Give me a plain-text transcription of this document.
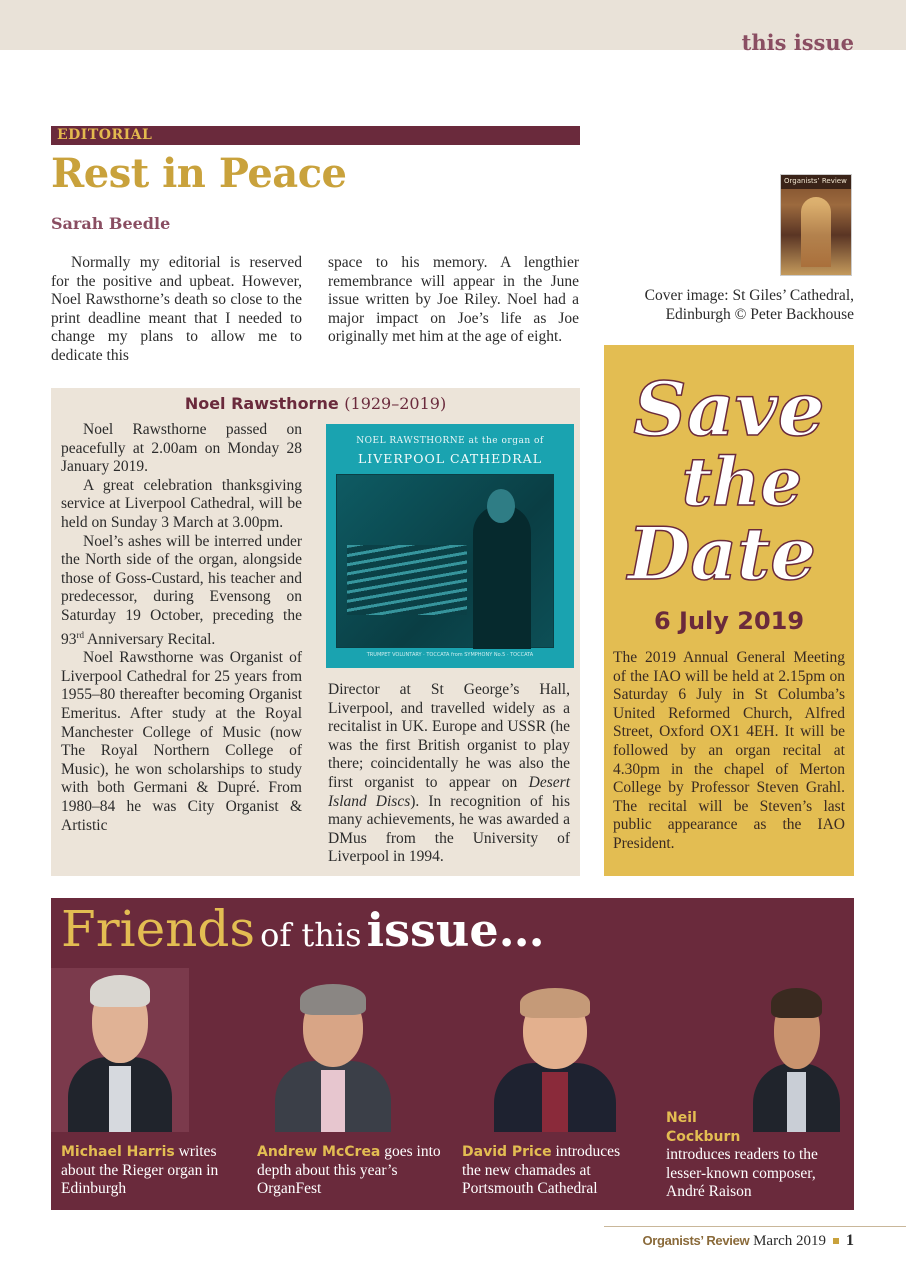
this issue
EDITORIAL
Rest in Peace
Sarah Beedle

Normally my editorial is reserved for the positive and upbeat. However, Noel Rawsthorne’s death so close to the print deadline meant that I needed to change my plans to allow me to dedicate this

space to his memory. A lengthier remembrance will appear in the June issue written by Joe Riley. Noel had a major impact on Joe’s life as Joe originally met him at the age of eight.

Organists’ Review

Cover image: St Giles’ Cathedral, Edinburgh © Peter Backhouse

Noel Rawsthorne (1929–2019)

Noel Rawsthorne passed on peacefully at 2.00am on Monday 28 January 2019.

A great celebration thanksgiving service at Liverpool Cathedral, will be held on Sunday 3 March at 3.00pm.

Noel’s ashes will be interred under the North side of the organ, alongside those of Goss-Custard, his teacher and predecessor, during Evensong on Saturday 19 October, preceding the 93rd Anniversary Recital.

Noel Rawsthorne was Organist of Liverpool Cathedral for 25 years from 1955–80 thereafter becoming Organist Emeritus. After study at the Royal Manchester College of Music (now The Royal Northern College of Music), he won scholarships to study with both Germani & Dupré. From 1980–84 he was City Organist & Artistic

NOEL RAWSTHORNE at the organ of
LIVERPOOL CATHEDRAL
TRUMPET VOLUNTARY · TOCCATA from SYMPHONY No.5 · TOCCATA

Director at St George’s Hall, Liverpool, and travelled widely as a recitalist in UK. Europe and USSR (he was the first British organist to play there; coincidentally he was also the first organist to appear on Desert Island Discs). In recognition of his many achievements, he was awarded a DMus from the University of Liverpool in 1994.

Save
the
Date
6 July 2019

The 2019 Annual General Meeting of the IAO will be held at 2.15pm on Saturday 6 July in St Columba’s United Reformed Church, Alfred Street, Oxford OX1 4EH. It will be followed by an organ recital at 4.30pm in the chapel of Merton College by Professor Steven Grahl. The recital will be Steven’s last public appearance as the IAO President.

Friends of this issue…

Michael Harris writes about the Rieger organ in Edinburgh

Andrew McCrea goes into depth about this year’s OrganFest

David Price introduces the new chamades at Portsmouth Cathedral

Neil
Cockburn
introduces readers to the lesser-known composer, André Raison

Organists’ Review March 2019 1
